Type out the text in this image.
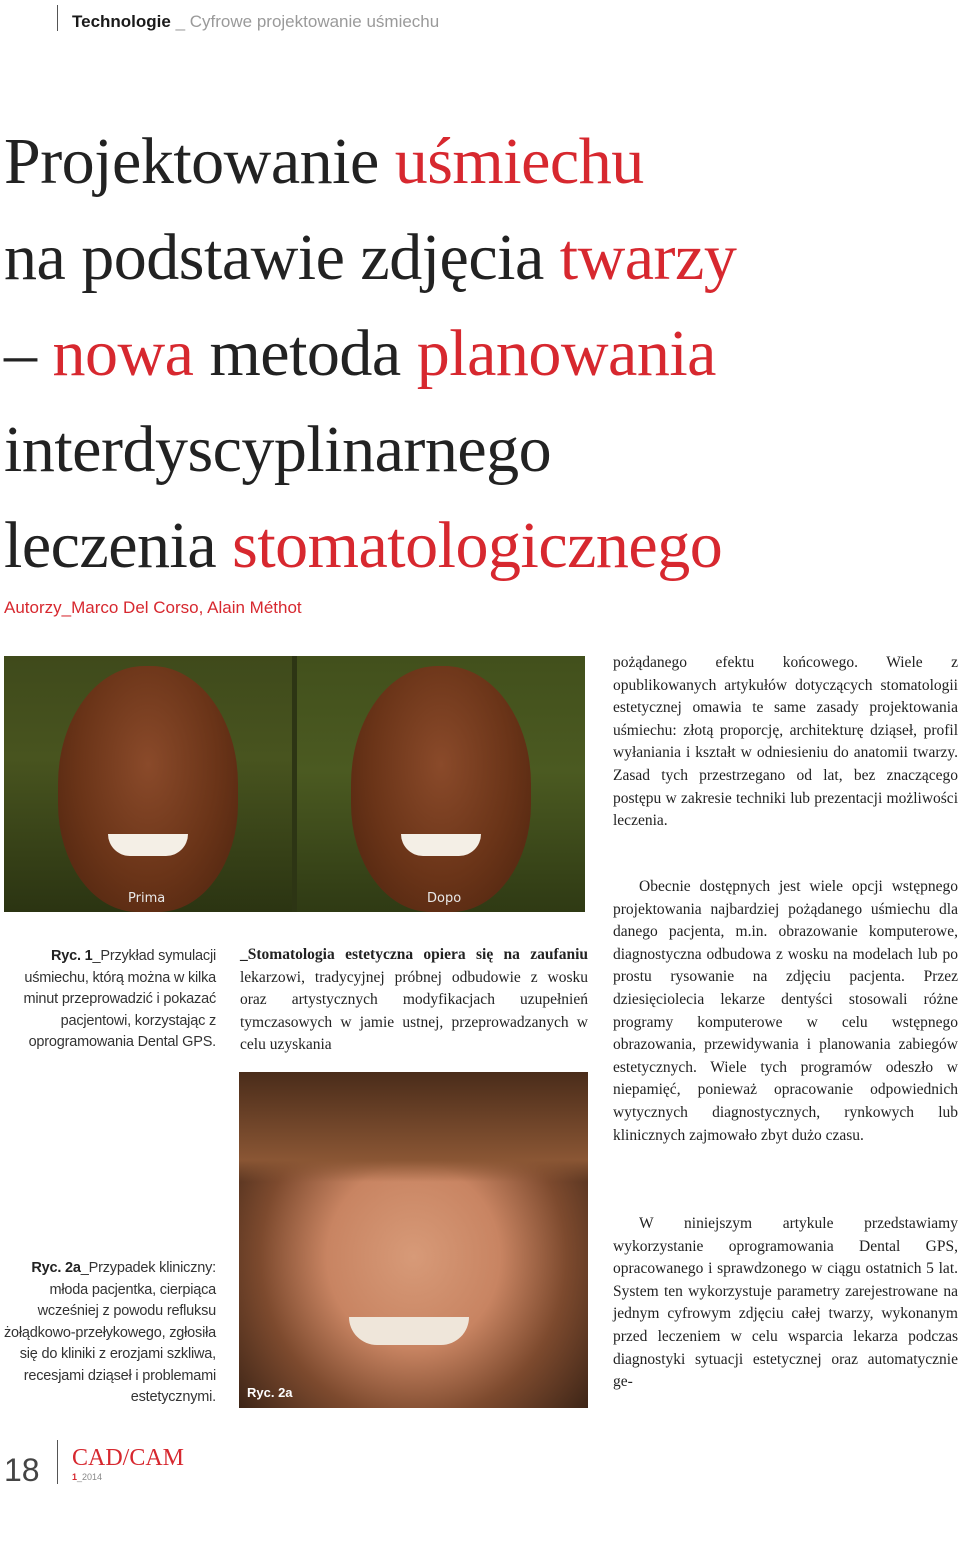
Technologie _ Cyfrowe projektowanie uśmiechu
Projektowanie uśmiechu
na podstawie zdjęcia twarzy
– nowa metoda planowania
interdyscyplinarnego
leczenia stomatologicznego
Autorzy_Marco Del Corso, Alain Méthot
Prima	Dopo
Ryc. 1
Ryc. 1_Przykład symulacji uśmiechu, którą można w kilka minut przeprowadzić i pokazać pacjentowi, korzystając z oprogramowania Dental GPS.
_Stomatologia estetyczna opiera się na zaufaniu lekarzowi, tradycyjnej próbnej odbudowie z wosku oraz artystycznych modyfikacjach uzupełnień tymczasowych w jamie ustnej, przeprowadzanych w celu uzyskania
Ryc. 2a
Ryc. 2a_Przypadek kliniczny: młoda pacjentka, cierpiąca wcześniej z powodu refluksu żołądkowo-przełykowego, zgłosiła się do kliniki z erozjami szkliwa, recesjami dziąseł i problemami estetycznymi.
pożądanego efektu końcowego. Wiele z opublikowanych artykułów dotyczących stomatologii estetycznej omawia te same zasady projektowania uśmiechu: złotą proporcję, architekturę dziąseł, profil wyłaniania i kształt w odniesieniu do anatomii twarzy. Zasad tych przestrzegano od lat, bez znaczącego postępu w zakresie techniki lub prezentacji możliwości leczenia.
Obecnie dostępnych jest wiele opcji wstępnego projektowania najbardziej pożądanego uśmiechu dla danego pacjenta, m.in. obrazowanie komputerowe, diagnostyczna odbudowa z wosku na modelach lub po prostu rysowanie na zdjęciu pacjenta. Przez dziesięciolecia lekarze dentyści stosowali różne programy komputerowe w celu wstępnego obrazowania, przewidywania i planowania zabiegów estetycznych. Wiele tych programów odeszło w niepamięć, ponieważ opracowanie odpowiednich wytycznych diagnostycznych, rynkowych lub klinicznych zajmowało zbyt dużo czasu.
W niniejszym artykule przedstawiamy wykorzystanie oprogramowania Dental GPS, opracowanego i sprawdzonego w ciągu ostatnich 5 lat. System ten wykorzystuje parametry zarejestrowane na jednym cyfrowym zdjęciu całej twarzy, wykonanym przed leczeniem w celu wsparcia lekarza podczas diagnostyki sytuacji estetycznej oraz automatycznie ge-
18 CAD/CAM
1_2014
